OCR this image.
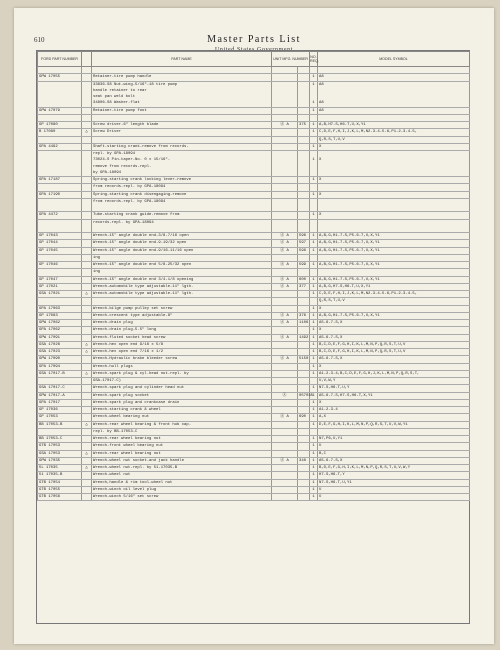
610	Master Parts List
United States Government
FORD PART NUMBER		PART NAME	UNIT MFG. NUMBER		NO. REQ.	MODEL SYMBOL

GPW 17055		Retainer-tire pump handle			1	A8
		33836-S8 Nut-wing-5/16"-18 tire pump			1	A8
		handle retainer to rear				
		seat pan weld bolt				
		34806-S8 Washer-flat			1	A8
GPW 17079		Retainer-tire pump foot			1	A8

GP 17080		Screw driver-6" length blade	Ⓐ A	375	1	A,B,H7-S,H6-T,U,X,Y1
B 17080	△	Screw Driver			1	C,D,E,F,H,I,J,K,L,M,N2-3-4-5-6,P1-2-3-4-5,
						Q,R,S,T,U,V
GPA 4492		Shaft-starting crank-remove from records-			1	X
		repl. by GPA-18094				
		73024-S Pin-taper-No. 0 x 15/16"-			1	X
		remove from records-repl.				
		by GPA-18094				
GPA 17187		Spring-starting crank locking lever-remove			1	X
		from records-repl. by GPA-18094				
GPA 17190		Spring-starting crank disengaging-remove			1	X
		from records-repl. by GPA-18094				

GPA 4472		Tube-starting crank guide-remove from			1	X
		records-repl. by GPA-18094				

GP 17043		Wrench-15° angle double end-3/8-7/16 open	Ⓐ A	596	1	A,B,G,H1-7-S,P5-6-7,U,X,Y1
GP 17044		Wrench-15° angle double end-9-19/32 open	Ⓐ A	597	1	A,B,G,H1-7-S,P5-6-7,U,X,Y1
GP 17045		Wrench-15° angle double end-9/16-11/16 open	Ⓐ A	598	1	A,B,G,H1-7-S,P5-6-7,U,X,Y1
		ing				
GP 17046		Wrench-15° angle double end 5/8-25/32 open	Ⓐ A	599	1	A,B,G,H1-7-S,P5-6-7,U,X,Y1
		ing				
GP 17047		Wrench-15° angle double end 3/4-1/8 opening	Ⓐ A	600	1	A,B,G,H1-7-S,P5-6-7,U,X,Y1
GP 17021		Wrench-automobile type adjustable-11" lgth.	Ⓐ A	377	1	A,B,G,H7-S,H6-T,U,X,Y1
GSA 17021	△	Wrench-automobile type adjustable-11" lgth.			1	C,D,E,F,H,I,J,K,L,M,N2-3-4-5-6,P1-2-3-4-5,
						Q,R,S,T,U,V
GPA 17063		Wrench-bilge pump pulley set screw			1	X
GP 17083		Wrench-crescent type adjustable-8"	Ⓐ A	376	1	A,B,G,H1-7-S,P5-6-7,U,X,Y1
GPW 17062		Wrench-drain plug	Ⓐ A	1106	1	A5-6-7-S,X
GPA 17062		Wrench-drain plug-5.5" long			1	X
GPW 17091		Wrench-fluted socket head screw	Ⓐ A	1492	1	A5-6-7-S,X
GSA 17026	△	Wrench-hex open end 9/16 x 5/8			1	B,C,D,E,F,G,H,I,K,L,M,N,P,Q,R,S,T,U,V
GSA 17023	△	Wrench-hex open end 7/16 x 1/2			1	B,C,D,E,F,G,H,I,K,L,M,N,P,Q,R,S,T,U,V
GPW 17090		Wrench-Hydraulic brake bleeder screw	Ⓐ A	5150	1	A5-6-7-S,X
GPA 17094		Wrench-hull plugs			1	X
GSA 17017-B	△	Wrench-spark plug & cyl.head nut-repl. by			1	A1-2-3-4,B,C,D,E,F,G,H,J,K,L,M,N,P,Q,R,S,T,
		GSA-17017-C)				U,V,W,Y
GSA 17017-C		Wrench-spark plug and cylinder head nut			1	N7-S,H6-T,U,Y
GPW 17017-A		Wrench-spark plug socket	Ⓐ	057035	1	A5-6-7-S,H7-S,H6-T,X,Y1
GPA 17017		Wrench-spark plug and crankcase drain			1	X
GP 17036		Wrench-starting crank & wheel			1	A1-2-3-4
GP 17053		Wrench-wheel bearing nut	Ⓐ A	690	1	A,X
BB 17053-B	△	Wrench-rear wheel bearing & front hub cap-			1	D,E,F,G,H,I,K,L,M,N,P,Q,R,S,T,U,V,W,Y1
		repl. by BB-17053-C				
BB 17053-C		Wrench-rear wheel bearing nut			1	N7,P6,U,Y1
GTB 17053		Wrench-front wheel bearing nut			1	U
GSA 17053	△	Wrench-rear wheel bearing nut			1	B,C
GPW 17035		Wrench-wheel nut socket-and jack handle	Ⓐ A	348	1	A5-6-7-S,X
5L 17035	△	Wrench-wheel nut-repl. by 51-17035-B			1	B,D,E,F,G,H,I,K,L,M,N,P,Q,R,S,T,U,V,W,Y
51 17035-B		Wrench-wheel nut			1	H7-S,H6-T,Y
GTB 17054		Wrench,handle & rim tool-wheel nut			1	N7-S,H6-T,U,Y1
GTB 17055		Wrench-winch oil level plug			1	U
GTB 17056		Wrench-winch 5/16" set screw			1	U
